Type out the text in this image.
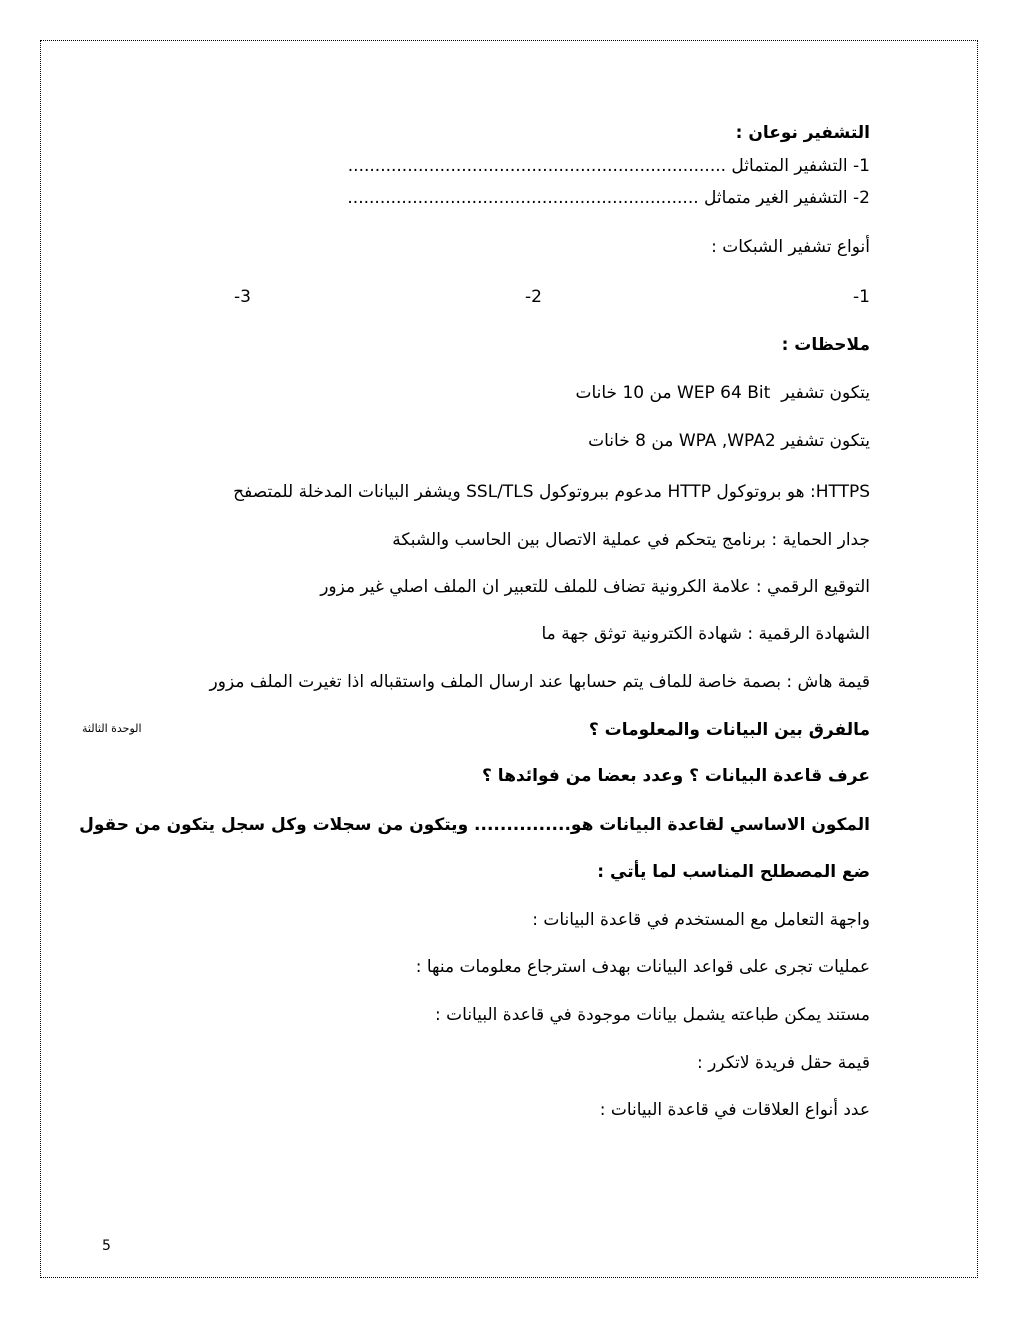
التشفير نوعان :

1- التشفير المتماثل ......................................................................

2- التشفير الغير متماثل .................................................................

أنواع تشفير الشبكات :

1-
2-
3-

ملاحظات :

يتكون تشفير  WEP 64 Bit من 10 خانات

يتكون تشفير WPA ,WPA2 من 8 خانات

HTTPS: هو بروتوكول HTTP مدعوم ببروتوكول SSL/TLS ويشفر البيانات المدخلة للمتصفح

جدار الحماية : برنامج يتحكم في عملية الاتصال بين الحاسب والشبكة

التوقيع الرقمي : علامة الكرونية تضاف للملف للتعبير ان الملف اصلي غير مزور

الشهادة الرقمية : شهادة الكترونية توثق جهة ما

قيمة هاش : بصمة خاصة للماف يتم حسابها عند ارسال الملف واستقباله اذا تغيرت الملف مزور

الوحدة الثالثة	مالفرق بين البيانات والمعلومات ؟

عرف قاعدة البيانات ؟ وعدد بعضا من فوائدها ؟

المكون الاساسي لقاعدة البيانات هو............... ويتكون من سجلات وكل سجل يتكون من حقول

ضع المصطلح المناسب لما يأتي :

واجهة التعامل مع المستخدم في قاعدة البيانات :

عمليات تجرى على قواعد البيانات بهدف استرجاع معلومات منها :

مستند يمكن طباعته يشمل بيانات موجودة في قاعدة البيانات :

قيمة حقل فريدة لاتكرر :

عدد أنواع العلاقات في قاعدة البيانات :

5
